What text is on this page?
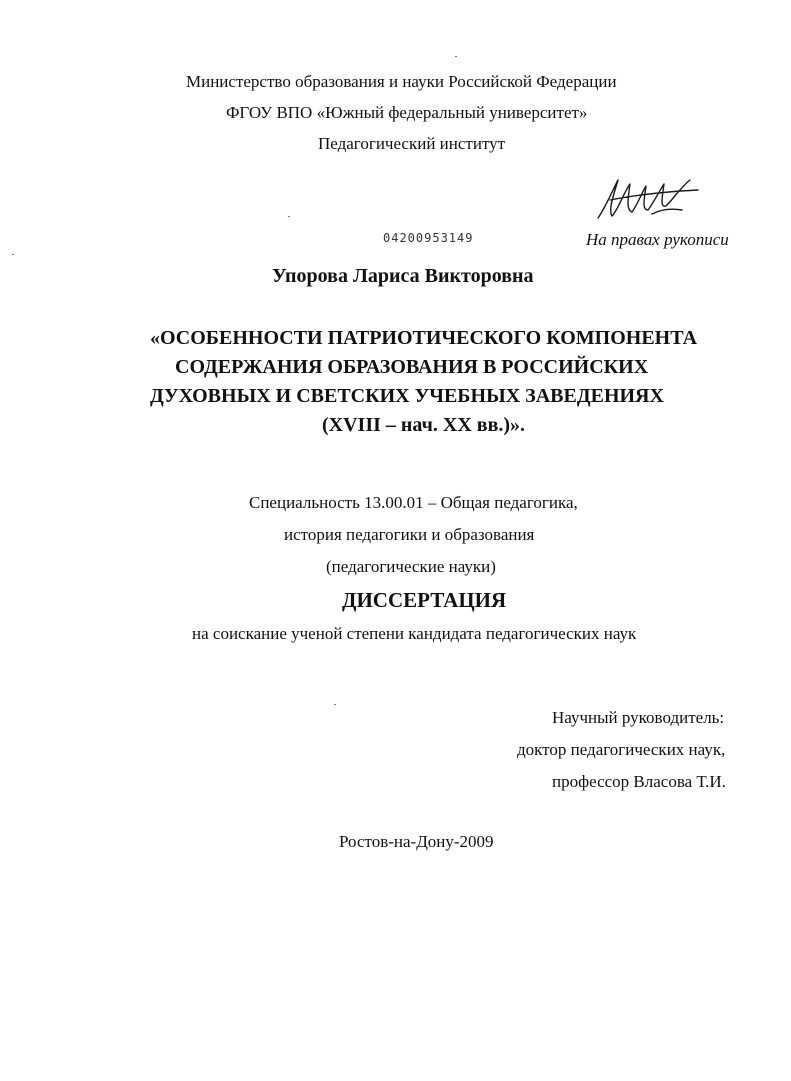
Министерство образования и науки Российской Федерации
ФГОУ ВПО «Южный федеральный университет»
Педагогический институт
04200953149	На правах рукописи
Упорова Лариса Викторовна
«ОСОБЕННОСТИ ПАТРИОТИЧЕСКОГО КОМПОНЕНТА
СОДЕРЖАНИЯ ОБРАЗОВАНИЯ В РОССИЙСКИХ
ДУХОВНЫХ И СВЕТСКИХ УЧЕБНЫХ ЗАВЕДЕНИЯХ
(XVIII – нач. XX вв.)».
Специальность 13.00.01 – Общая педагогика,
история педагогики и образования
(педагогические науки)
ДИССЕРТАЦИЯ
на соискание ученой степени кандидата педагогических наук
Научный руководитель:
доктор педагогических наук,
профессор Власова Т.И.
Ростов-на-Дону-2009
